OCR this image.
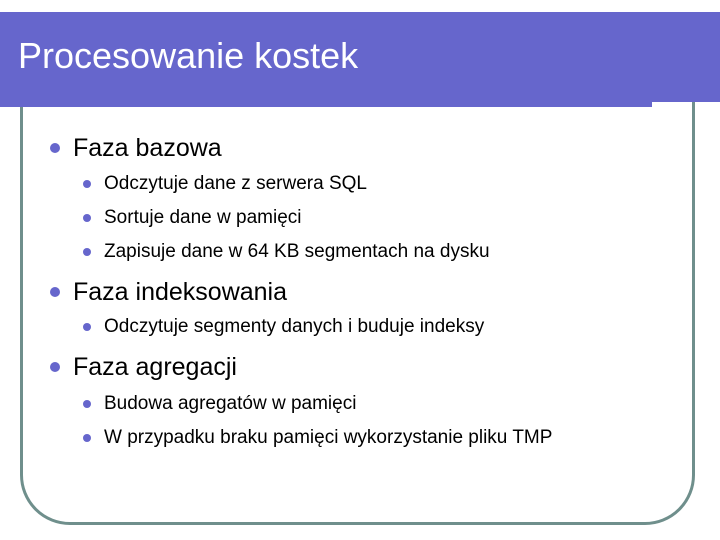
Procesowanie kostek
Faza bazowa
Odczytuje dane z serwera SQL
Sortuje dane w pamięci
Zapisuje dane w 64 KB segmentach na dysku
Faza indeksowania
Odczytuje segmenty danych i buduje indeksy
Faza agregacji
Budowa agregatów w pamięci
W przypadku braku pamięci wykorzystanie pliku TMP
